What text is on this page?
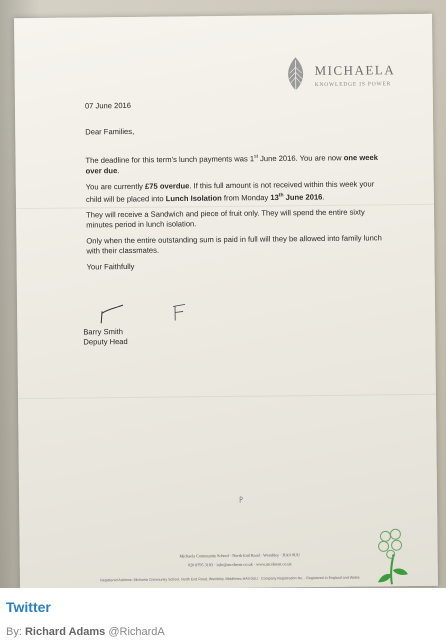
MICHAELA
KNOWLEDGE IS POWER

07 June 2016

Dear Families,

The deadline for this term's lunch payments was 1st June 2016. You are now one week over due.

You are currently £75 overdue. If this full amount is not received within this week your child will be placed into Lunch Isolation from Monday 13th June 2016.

They will receive a Sandwich and piece of fruit only. They will spend the entire sixty minutes period in lunch isolation.

Only when the entire outstanding sum is paid in full will they be allowed into family lunch with their classmates.

Your Faithfully

Barry Smith
Deputy Head
Michaela Community School · North End Road · Wembley · HA9 0UU
020 8795 3183 · info@mcsbrent.co.uk · www.mcsbrent.co.uk
Registered Address: Michaela Community School, North End Road, Wembley, Middlesex HA9 0UU · Company Registration No. · Registered in England and Wales
Twitter
By: Richard Adams @RichardA
